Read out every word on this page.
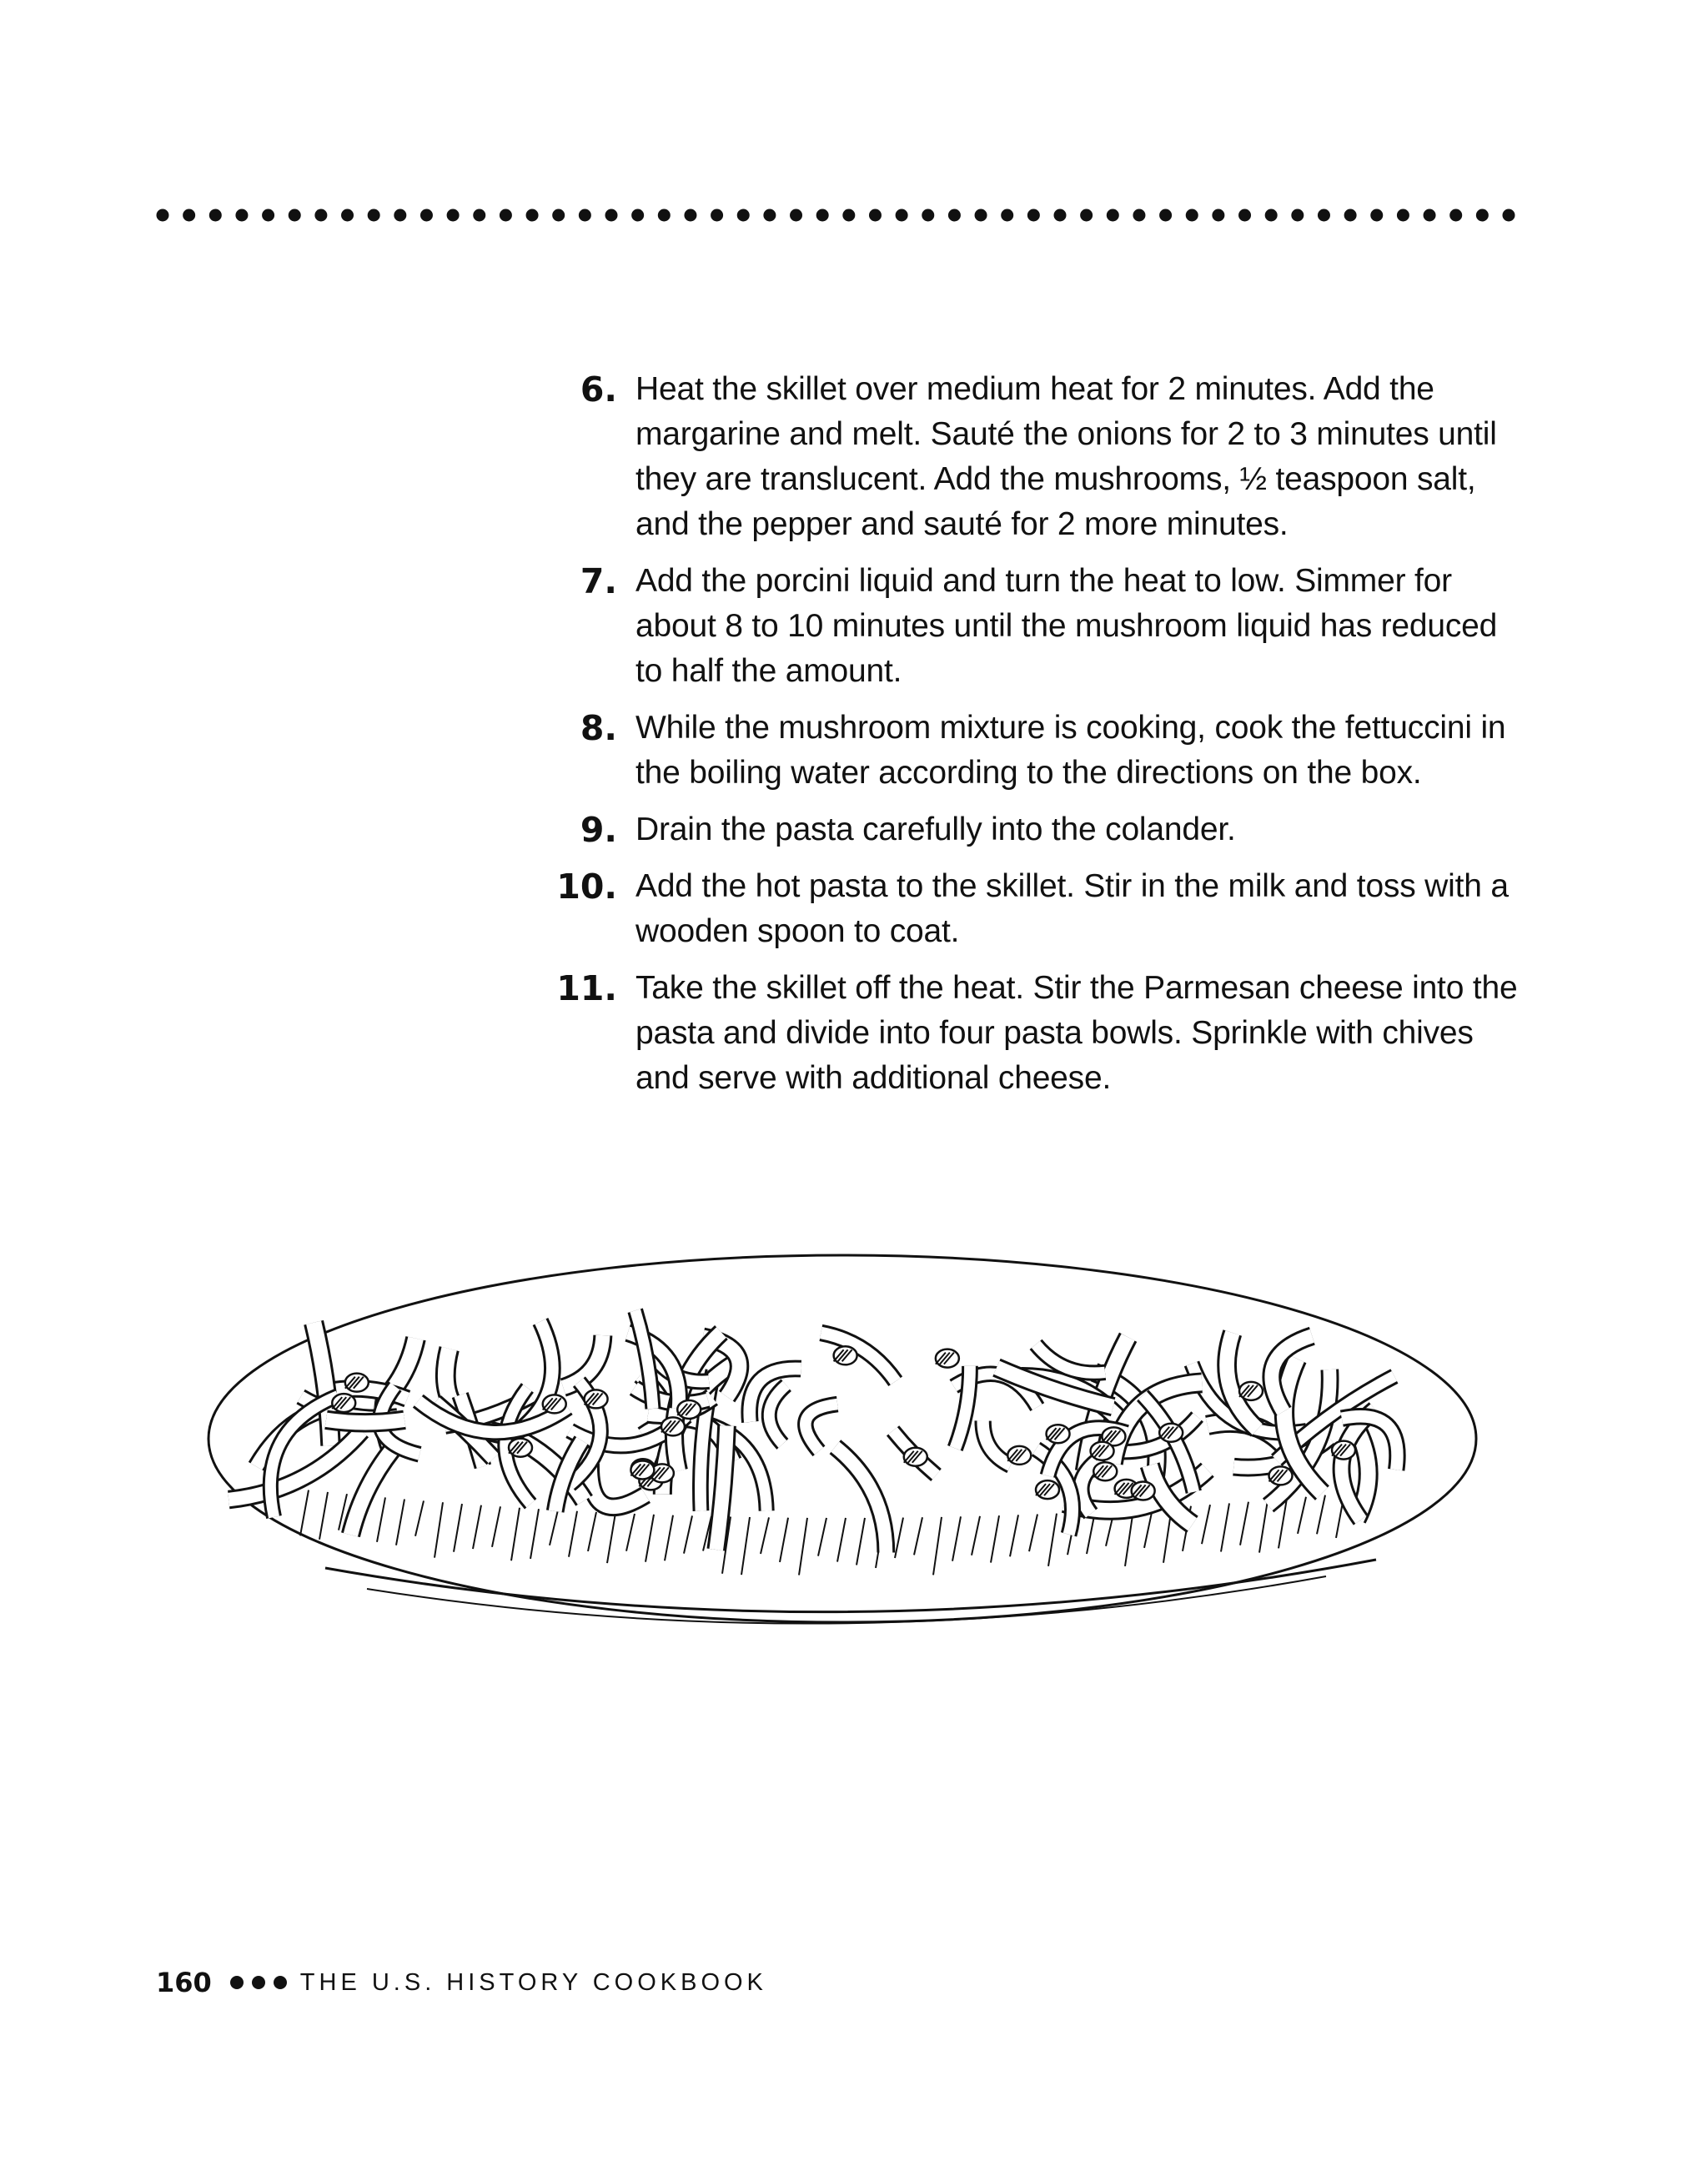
6. Heat the skillet over medium heat for 2 minutes. Add the margarine and melt. Sauté the onions for 2 to 3 minutes until they are translucent. Add the mushrooms, ½ teaspoon salt, and the pepper and sauté for 2 more minutes.
7. Add the porcini liquid and turn the heat to low. Simmer for about 8 to 10 minutes until the mushroom liquid has reduced to half the amount.
8. While the mushroom mixture is cooking, cook the fettuccini in the boiling water according to the directions on the box.
9. Drain the pasta carefully into the colander.
10. Add the hot pasta to the skillet. Stir in the milk and toss with a wooden spoon to coat.
11. Take the skillet off the heat. Stir the Parmesan cheese into the pasta and divide into four pasta bowls. Sprinkle with chives and serve with additional cheese.
160	THE U.S. HISTORY COOKBOOK
